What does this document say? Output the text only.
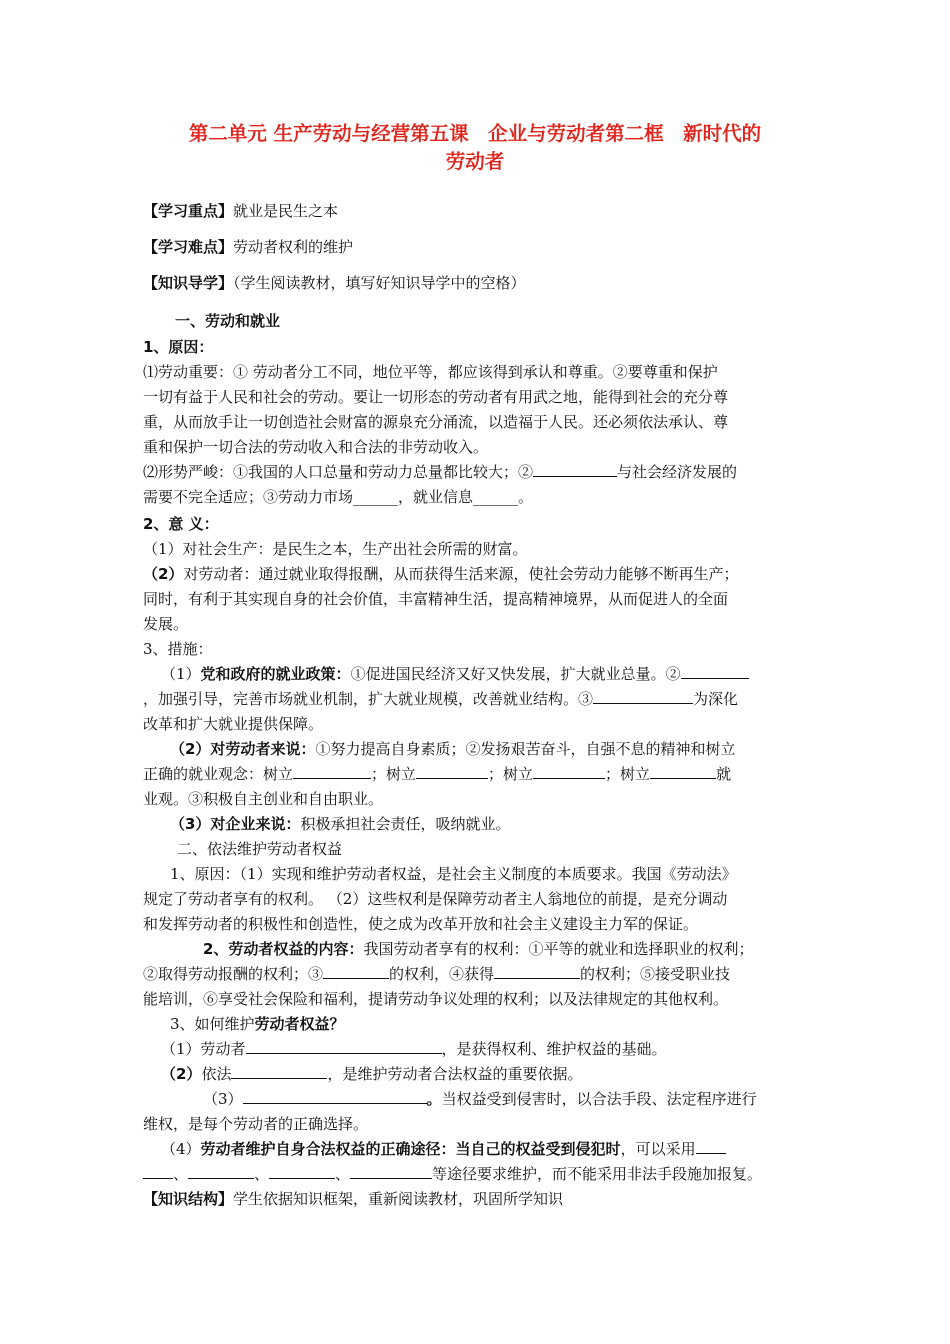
第二单元 生产劳动与经营第五课　企业与劳动者第二框　新时代的
劳动者
【学习重点】就业是民生之本
【学习难点】劳动者权利的维护
【知识导学】（学生阅读教材，填写好知识导学中的空格）
一、劳动和就业
1、原因：
⑴劳动重要：① 劳动者分工不同，地位平等，都应该得到承认和尊重。②要尊重和保护
一切有益于人民和社会的劳动。要让一切形态的劳动者有用武之地，能得到社会的充分尊
重，从而放手让一切创造社会财富的源泉充分涌流，以造福于人民。还必须依法承认、尊
重和保护一切合法的劳动收入和合法的非劳动收入。
⑵形势严峻：①我国的人口总量和劳动力总量都比较大；②	与社会经济发展的
需要不完全适应；③劳动力市场______，就业信息______。
2、意 义：
（1）对社会生产：是民生之本，生产出社会所需的财富。
（2）对劳动者：通过就业取得报酬，从而获得生活来源，使社会劳动力能够不断再生产；
同时，有利于其实现自身的社会价值，丰富精神生活，提高精神境界，从而促进人的全面
发展。
3、措施：
（1）党和政府的就业政策：①促进国民经济又好又快发展，扩大就业总量。②
，加强引导，完善市场就业机制，扩大就业规模，改善就业结构。③	为深化
改革和扩大就业提供保障。
（2）对劳动者来说：①努力提高自身素质；②发扬艰苦奋斗，自强不息的精神和树立
正确的就业观念：树立	；树立	；树立	；树立	就
业观。③积极自主创业和自由职业。
（3）对企业来说：积极承担社会责任，吸纳就业。
二、依法维护劳动者权益
1、原因：（1）实现和维护劳动者权益，是社会主义制度的本质要求。我国《劳动法》
规定了劳动者享有的权利。 （2）这些权利是保障劳动者主人翁地位的前提，是充分调动
和发挥劳动者的积极性和创造性，使之成为改革开放和社会主义建设主力军的保证。
2、劳动者权益的内容：我国劳动者享有的权利：①平等的就业和选择职业的权利；
②取得劳动报酬的权利；③	的权利，④获得	的权利；⑤接受职业技
能培训，⑥享受社会保险和福利，提请劳动争议处理的权利；以及法律规定的其他权利。
3、如何维护劳动者权益？
（1）劳动者	，是获得权利、维护权益的基础。
（2）依法	，是维护劳动者合法权益的重要依据。
（3）	。当权益受到侵害时，以合法手段、法定程序进行
维权，是每个劳动者的正确选择。
（4）劳动者维护自身合法权益的正确途径：当自己的权益受到侵犯时，可以采用
、	、	、	等途径要求维护，而不能采用非法手段施加报复。
【知识结构】学生依据知识框架，重新阅读教材，巩固所学知识
